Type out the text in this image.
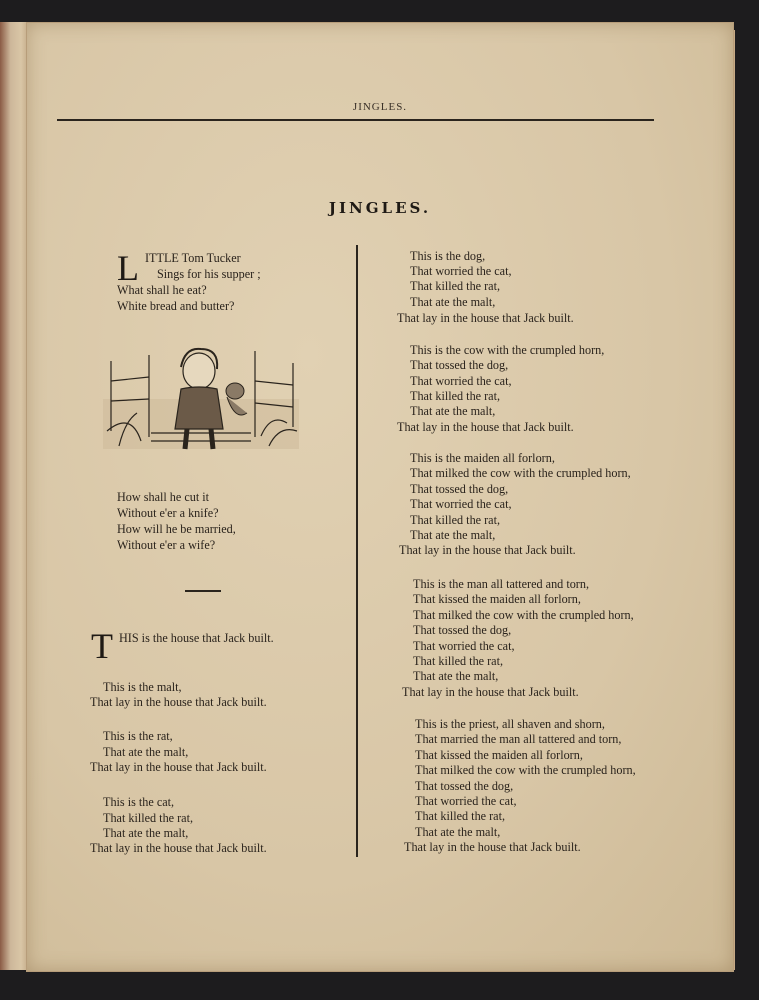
JINGLES.
JINGLES.
L ITTLE Tom Tucker
Sings for his supper ;
What shall he eat?
White bread and butter?
How shall he cut it
Without e'er a knife?
How will he be married,
Without e'er a wife?
T HIS is the house that Jack built.
This is the malt,
That lay in the house that Jack built.
This is the rat,
That ate the malt,
That lay in the house that Jack built.
This is the cat,
That killed the rat,
That ate the malt,
That lay in the house that Jack built.
This is the dog,
That worried the cat,
That killed the rat,
That ate the malt,
That lay in the house that Jack built.
This is the cow with the crumpled horn,
That tossed the dog,
That worried the cat,
That killed the rat,
That ate the malt,
That lay in the house that Jack built.
This is the maiden all forlorn,
That milked the cow with the crumpled horn,
That tossed the dog,
That worried the cat,
That killed the rat,
That ate the malt,
That lay in the house that Jack built.
This is the man all tattered and torn,
That kissed the maiden all forlorn,
That milked the cow with the crumpled horn,
That tossed the dog,
That worried the cat,
That killed the rat,
That ate the malt,
That lay in the house that Jack built.
This is the priest, all shaven and shorn,
That married the man all tattered and torn,
That kissed the maiden all forlorn,
That milked the cow with the crumpled horn,
That tossed the dog,
That worried the cat,
That killed the rat,
That ate the malt,
That lay in the house that Jack built.
